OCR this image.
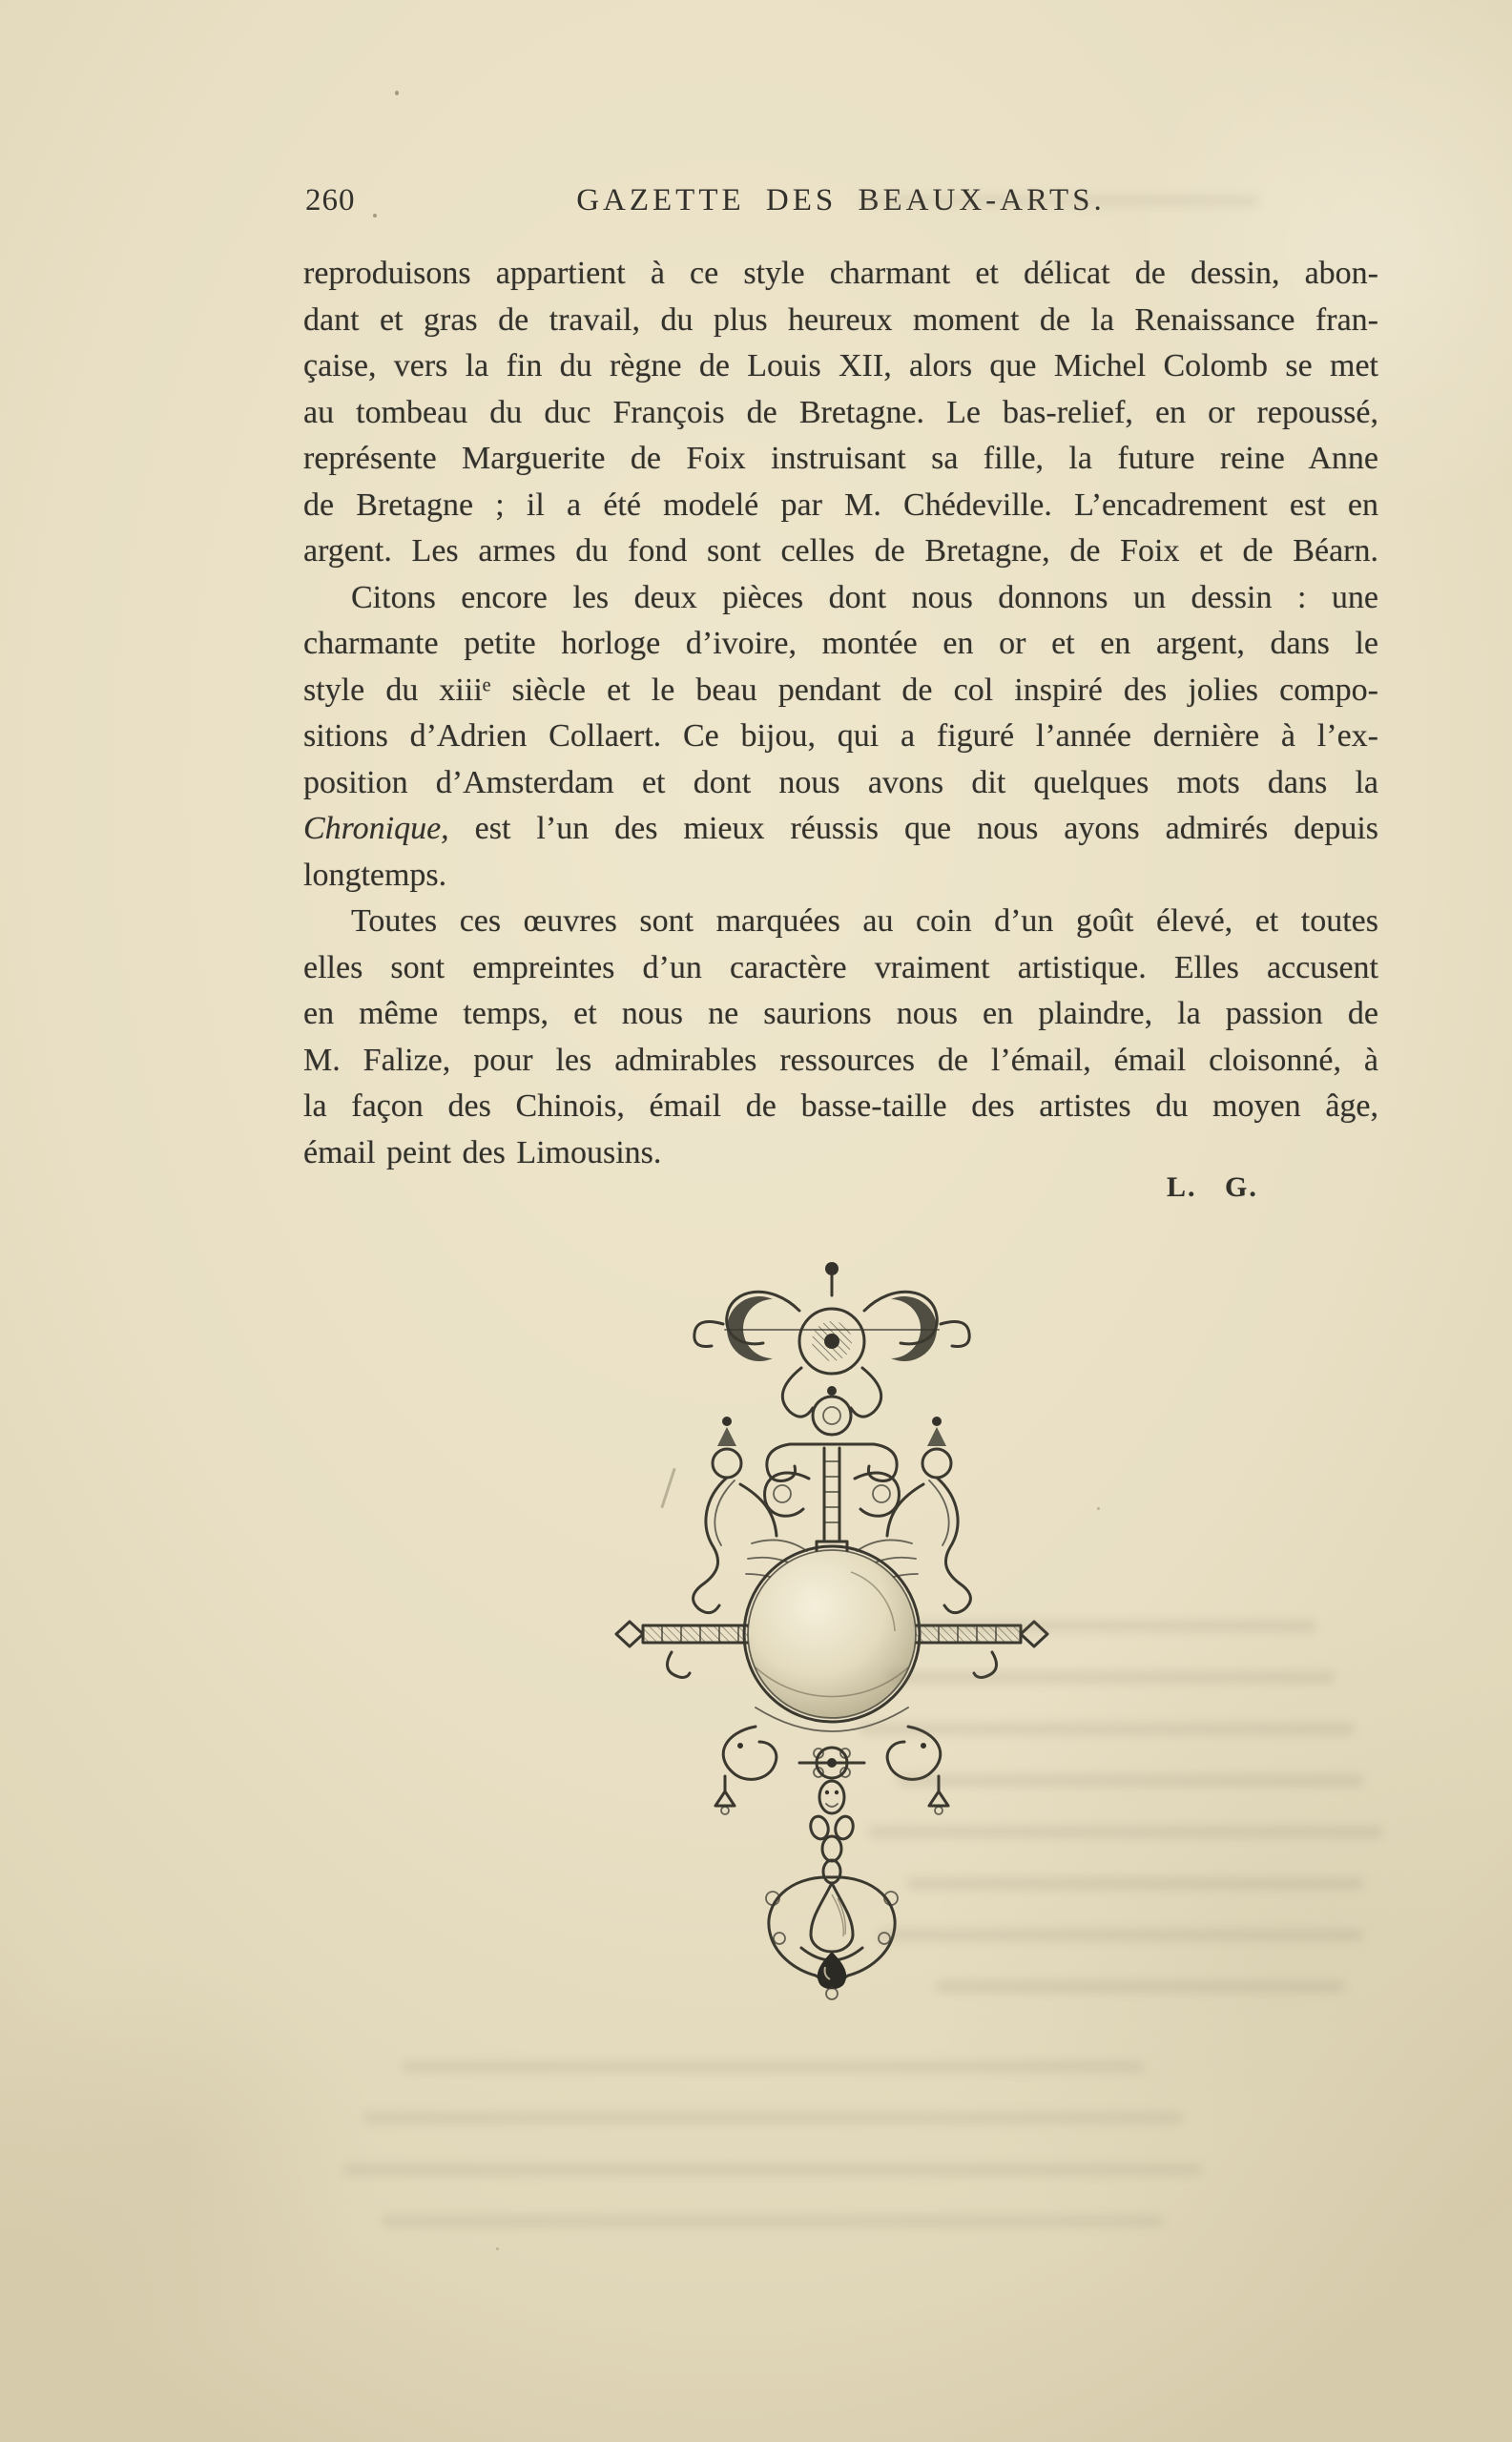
260	GAZETTE DES BEAUX-ARTS.
reproduisons appartient à ce style charmant et délicat de dessin, abon-
dant et gras de travail, du plus heureux moment de la Renaissance fran-
çaise, vers la fin du règne de Louis XII, alors que Michel Colomb se met
au tombeau du duc François de Bretagne. Le bas-relief, en or repoussé,
représente Marguerite de Foix instruisant sa fille, la future reine Anne
de Bretagne ; il a été modelé par M. Chédeville. L’encadrement est en
argent. Les armes du fond sont celles de Bretagne, de Foix et de Béarn.
Citons encore les deux pièces dont nous donnons un dessin : une
charmante petite horloge d’ivoire, montée en or et en argent, dans le
style du xiiiᵉ siècle et le beau pendant de col inspiré des jolies compo-
sitions d’Adrien Collaert. Ce bijou, qui a figuré l’année dernière à l’ex-
position d’Amsterdam et dont nous avons dit quelques mots dans la
Chronique, est l’un des mieux réussis que nous ayons admirés depuis
longtemps.
Toutes ces œuvres sont marquées au coin d’un goût élevé, et toutes
elles sont empreintes d’un caractère vraiment artistique. Elles accusent
en même temps, et nous ne saurions nous en plaindre, la passion de
M. Falize, pour les admirables ressources de l’émail, émail cloisonné, à
la façon des Chinois, émail de basse-taille des artistes du moyen âge,
émail peint des Limousins.
L. G.
